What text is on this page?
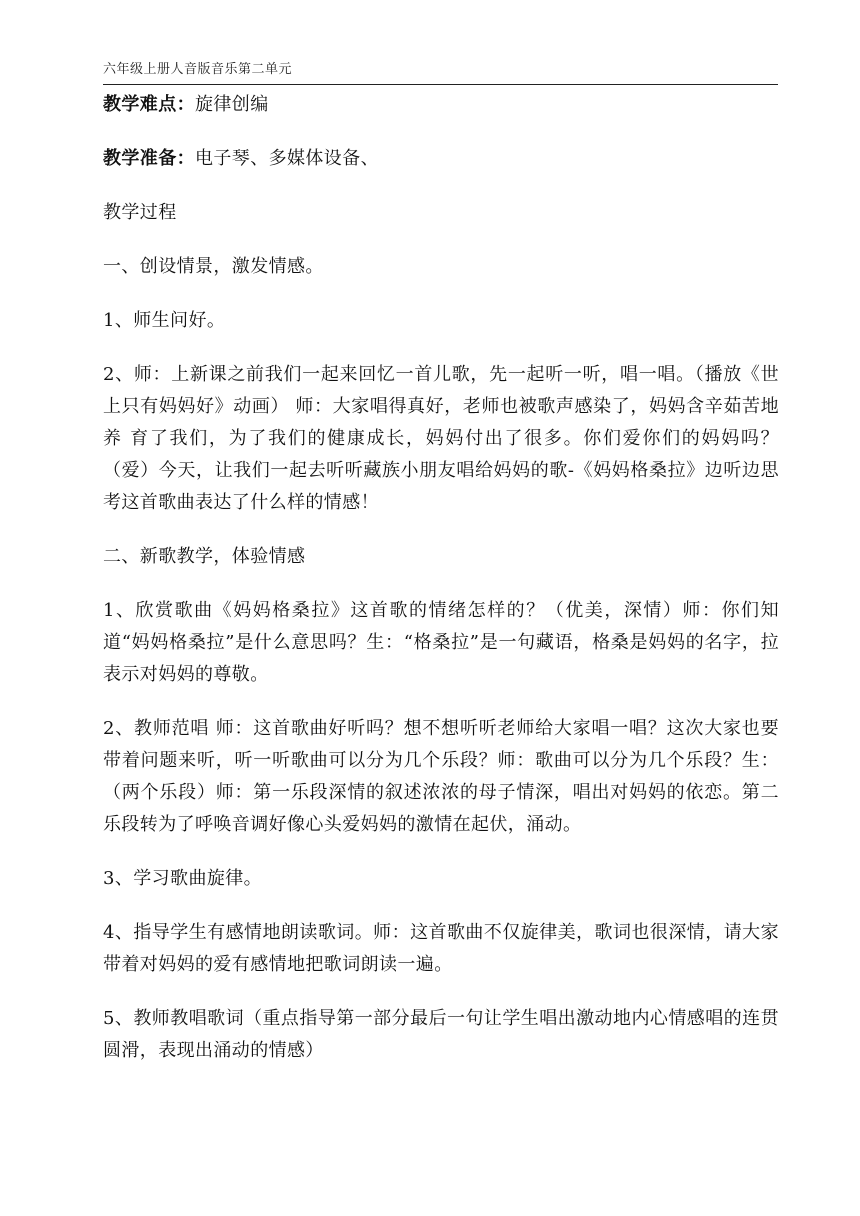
六年级上册人音版音乐第二单元

教学难点：旋律创编

教学准备：电子琴、多媒体设备、

教学过程

一、创设情景，激发情感。

1、师生问好。

2、师：上新课之前我们一起来回忆一首儿歌，先一起听一听，唱一唱。（播放《世上只有妈妈好》动画） 师：大家唱得真好，老师也被歌声感染了，妈妈含辛茹苦地养 育了我们，为了我们的健康成长，妈妈付出了很多。你们爱你们的妈妈吗？（爱）今天，让我们一起去听听藏族小朋友唱给妈妈的歌-《妈妈格桑拉》边听边思考这首歌曲表达了什么样的情感！

二、新歌教学，体验情感

1、欣赏歌曲《妈妈格桑拉》这首歌的情绪怎样的？（优美，深情）师：你们知道“妈妈格桑拉”是什么意思吗？生：“格桑拉”是一句藏语，格桑是妈妈的名字，拉表示对妈妈的尊敬。

2、教师范唱 师：这首歌曲好听吗？想不想听听老师给大家唱一唱？这次大家也要带着问题来听，听一听歌曲可以分为几个乐段？师：歌曲可以分为几个乐段？生：（两个乐段）师：第一乐段深情的叙述浓浓的母子情深，唱出对妈妈的依恋。第二乐段转为了呼唤音调好像心头爱妈妈的激情在起伏，涌动。

3、学习歌曲旋律。

4、指导学生有感情地朗读歌词。师：这首歌曲不仅旋律美，歌词也很深情，请大家带着对妈妈的爱有感情地把歌词朗读一遍。

5、教师教唱歌词（重点指导第一部分最后一句让学生唱出激动地内心情感唱的连贯圆滑，表现出涌动的情感）
